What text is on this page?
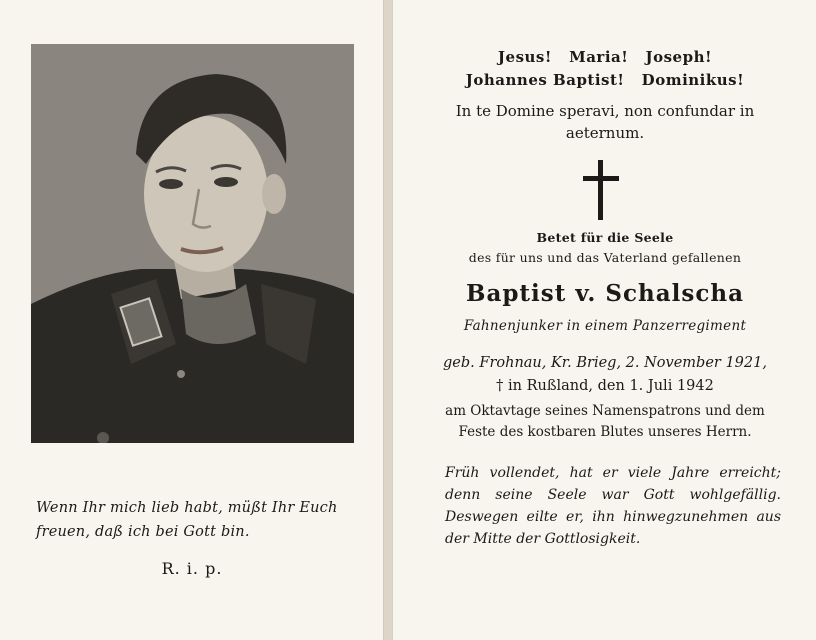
Wenn Ihr mich lieb habt, müßt Ihr Euch freuen, daß ich bei Gott bin.
R. i. p.
Jesus!   Maria!   Joseph!
Johannes Baptist!   Dominikus!
In te Domine speravi, non confundar in aeternum.
Betet für die Seele
des für uns und das Vaterland gefallenen
Baptist v. Schalscha
Fahnenjunker in einem Panzerregiment
geb. Frohnau, Kr. Brieg, 2. November 1921,
† in Rußland, den 1. Juli 1942
am Oktavtage seines Namenspatrons und dem Feste des kostbaren Blutes unseres Herrn.
Früh vollendet, hat er viele Jahre erreicht; denn seine Seele war Gott wohlgefällig. Deswegen eilte er, ihn hinwegzunehmen aus der Mitte der Gottlosigkeit.
